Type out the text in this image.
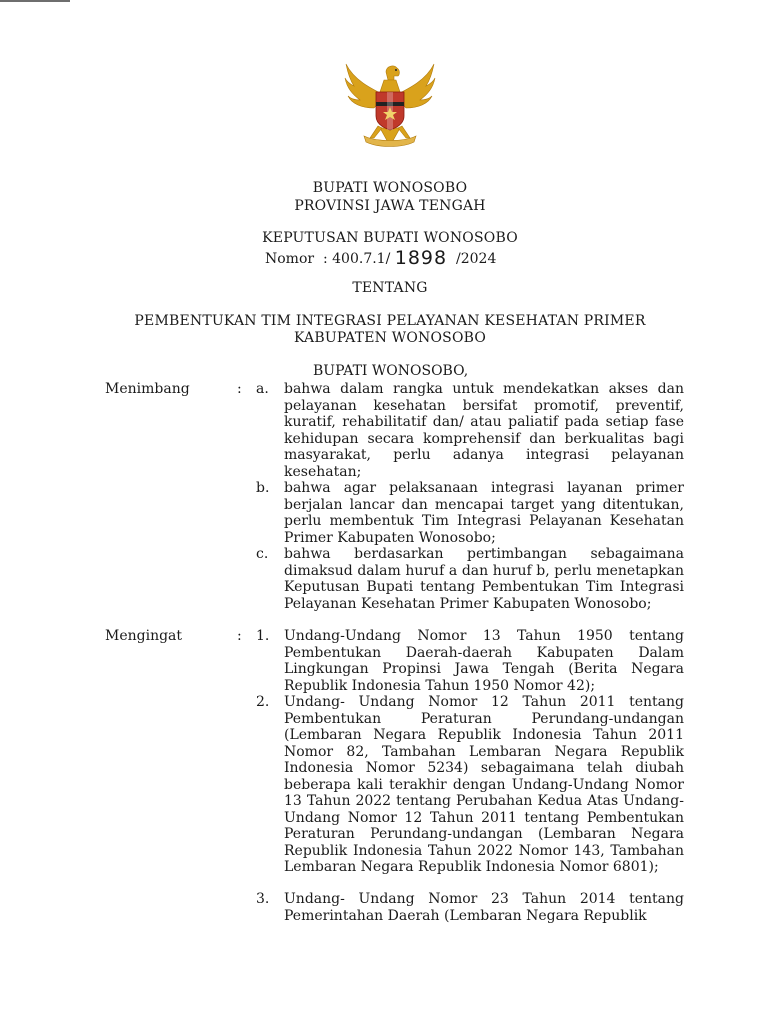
BUPATI WONOSOBO
PROVINSI JAWA TENGAH
KEPUTUSAN BUPATI WONOSOBO
Nomor  : 400.7.1/ 1898  /2024
TENTANG
PEMBENTUKAN TIM INTEGRASI PELAYANAN KESEHATAN PRIMER
KABUPATEN WONOSOBO
BUPATI WONOSOBO,
Menimbang	: a. bahwa dalam rangka untuk mendekatkan akses dan pelayanan kesehatan bersifat promotif, preventif, kuratif, rehabilitatif dan/ atau paliatif pada setiap fase kehidupan secara komprehensif dan berkualitas bagi masyarakat, perlu adanya integrasi pelayanan kesehatan;
b. bahwa agar pelaksanaan integrasi layanan primer berjalan lancar dan mencapai target yang ditentukan, perlu membentuk Tim Integrasi Pelayanan Kesehatan Primer Kabupaten Wonosobo;
c. bahwa berdasarkan pertimbangan sebagaimana dimaksud dalam huruf a dan huruf b, perlu menetapkan Keputusan Bupati tentang Pembentukan Tim Integrasi Pelayanan Kesehatan Primer Kabupaten Wonosobo;
Mengingat	: 1. Undang-Undang Nomor 13 Tahun 1950 tentang Pembentukan Daerah-daerah Kabupaten Dalam Lingkungan Propinsi Jawa Tengah (Berita Negara Republik Indonesia Tahun 1950 Nomor 42);
2. Undang- Undang Nomor 12 Tahun 2011 tentang Pembentukan Peraturan Perundang-undangan (Lembaran Negara Republik Indonesia Tahun 2011 Nomor 82, Tambahan Lembaran Negara Republik Indonesia Nomor 5234) sebagaimana telah diubah beberapa kali terakhir dengan Undang-Undang Nomor 13 Tahun 2022 tentang Perubahan Kedua Atas Undang- Undang Nomor 12 Tahun 2011 tentang Pembentukan Peraturan Perundang-undangan (Lembaran Negara Republik Indonesia Tahun 2022 Nomor 143, Tambahan Lembaran Negara Republik Indonesia Nomor 6801);
3. Undang- Undang Nomor 23 Tahun 2014 tentang Pemerintahan Daerah (Lembaran Negara Republik
